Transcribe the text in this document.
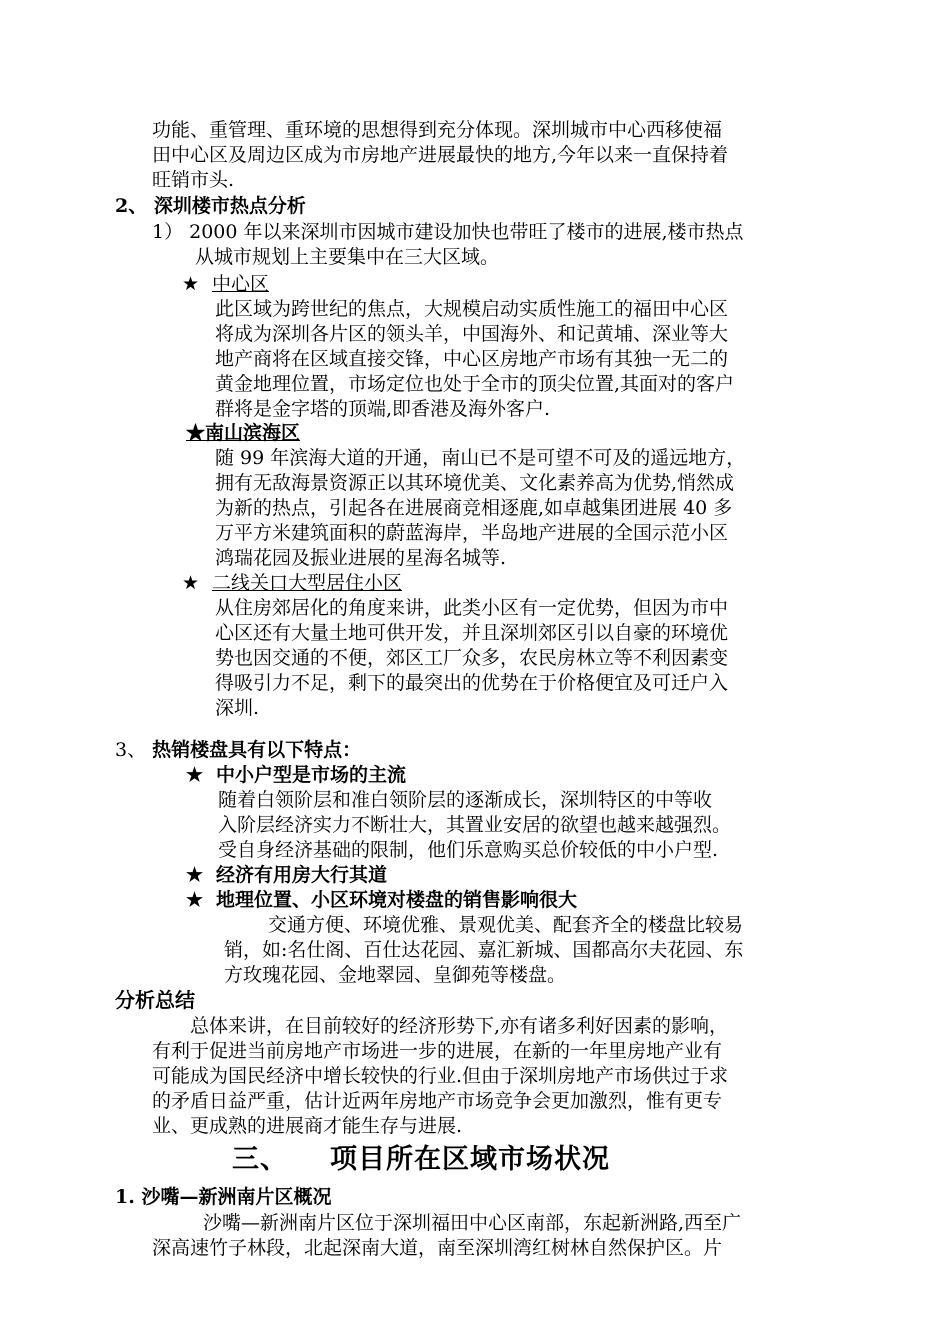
功能、重管理、重环境的思想得到充分体现。深圳城市中心西移使福
田中心区及周边区成为市房地产进展最快的地方,今年以来一直保持着
旺销市头.
2、 深圳楼市热点分析
1） 2000 年以来深圳市因城市建设加快也带旺了楼市的进展,楼市热点
从城市规划上主要集中在三大区域。
★ 中心区
此区域为跨世纪的焦点，大规模启动实质性施工的福田中心区
将成为深圳各片区的领头羊，中国海外、和记黄埔、深业等大
地产商将在区域直接交锋，中心区房地产市场有其独一无二的
黄金地理位置，市场定位也处于全市的顶尖位置,其面对的客户
群将是金字塔的顶端,即香港及海外客户.
★南山滨海区
随 99 年滨海大道的开通，南山已不是可望不可及的遥远地方，
拥有无敌海景资源正以其环境优美、文化素养高为优势,悄然成
为新的热点，引起各在进展商竞相逐鹿,如卓越集团进展 40 多
万平方米建筑面积的蔚蓝海岸，半岛地产进展的全国示范小区
鸿瑞花园及振业进展的星海名城等.
★ 二线关口大型居住小区
从住房郊居化的角度来讲，此类小区有一定优势，但因为市中
心区还有大量土地可供开发，并且深圳郊区引以自豪的环境优
势也因交通的不便，郊区工厂众多，农民房林立等不利因素变
得吸引力不足，剩下的最突出的优势在于价格便宜及可迁户入
深圳.
3、 热销楼盘具有以下特点：
★ 中小户型是市场的主流
随着白领阶层和准白领阶层的逐渐成长，深圳特区的中等收
入阶层经济实力不断壮大，其置业安居的欲望也越来越强烈。
受自身经济基础的限制，他们乐意购买总价较低的中小户型.
★ 经济有用房大行其道
★ 地理位置、小区环境对楼盘的销售影响很大
交通方便、环境优雅、景观优美、配套齐全的楼盘比较易
销，如:名仕阁、百仕达花园、嘉汇新城、国都高尔夫花园、东
方玫瑰花园、金地翠园、皇御苑等楼盘。
分析总结
总体来讲，在目前较好的经济形势下,亦有诸多利好因素的影响，
有利于促进当前房地产市场进一步的进展，在新的一年里房地产业有
可能成为国民经济中增长较快的行业.但由于深圳房地产市场供过于求
的矛盾日益严重，估计近两年房地产市场竞争会更加激烈，惟有更专
业、更成熟的进展商才能生存与进展.
三、 项目所在区域市场状况
1. 沙嘴—新洲南片区概况
沙嘴—新洲南片区位于深圳福田中心区南部，东起新洲路,西至广
深高速竹子林段，北起深南大道，南至深圳湾红树林自然保护区。片
